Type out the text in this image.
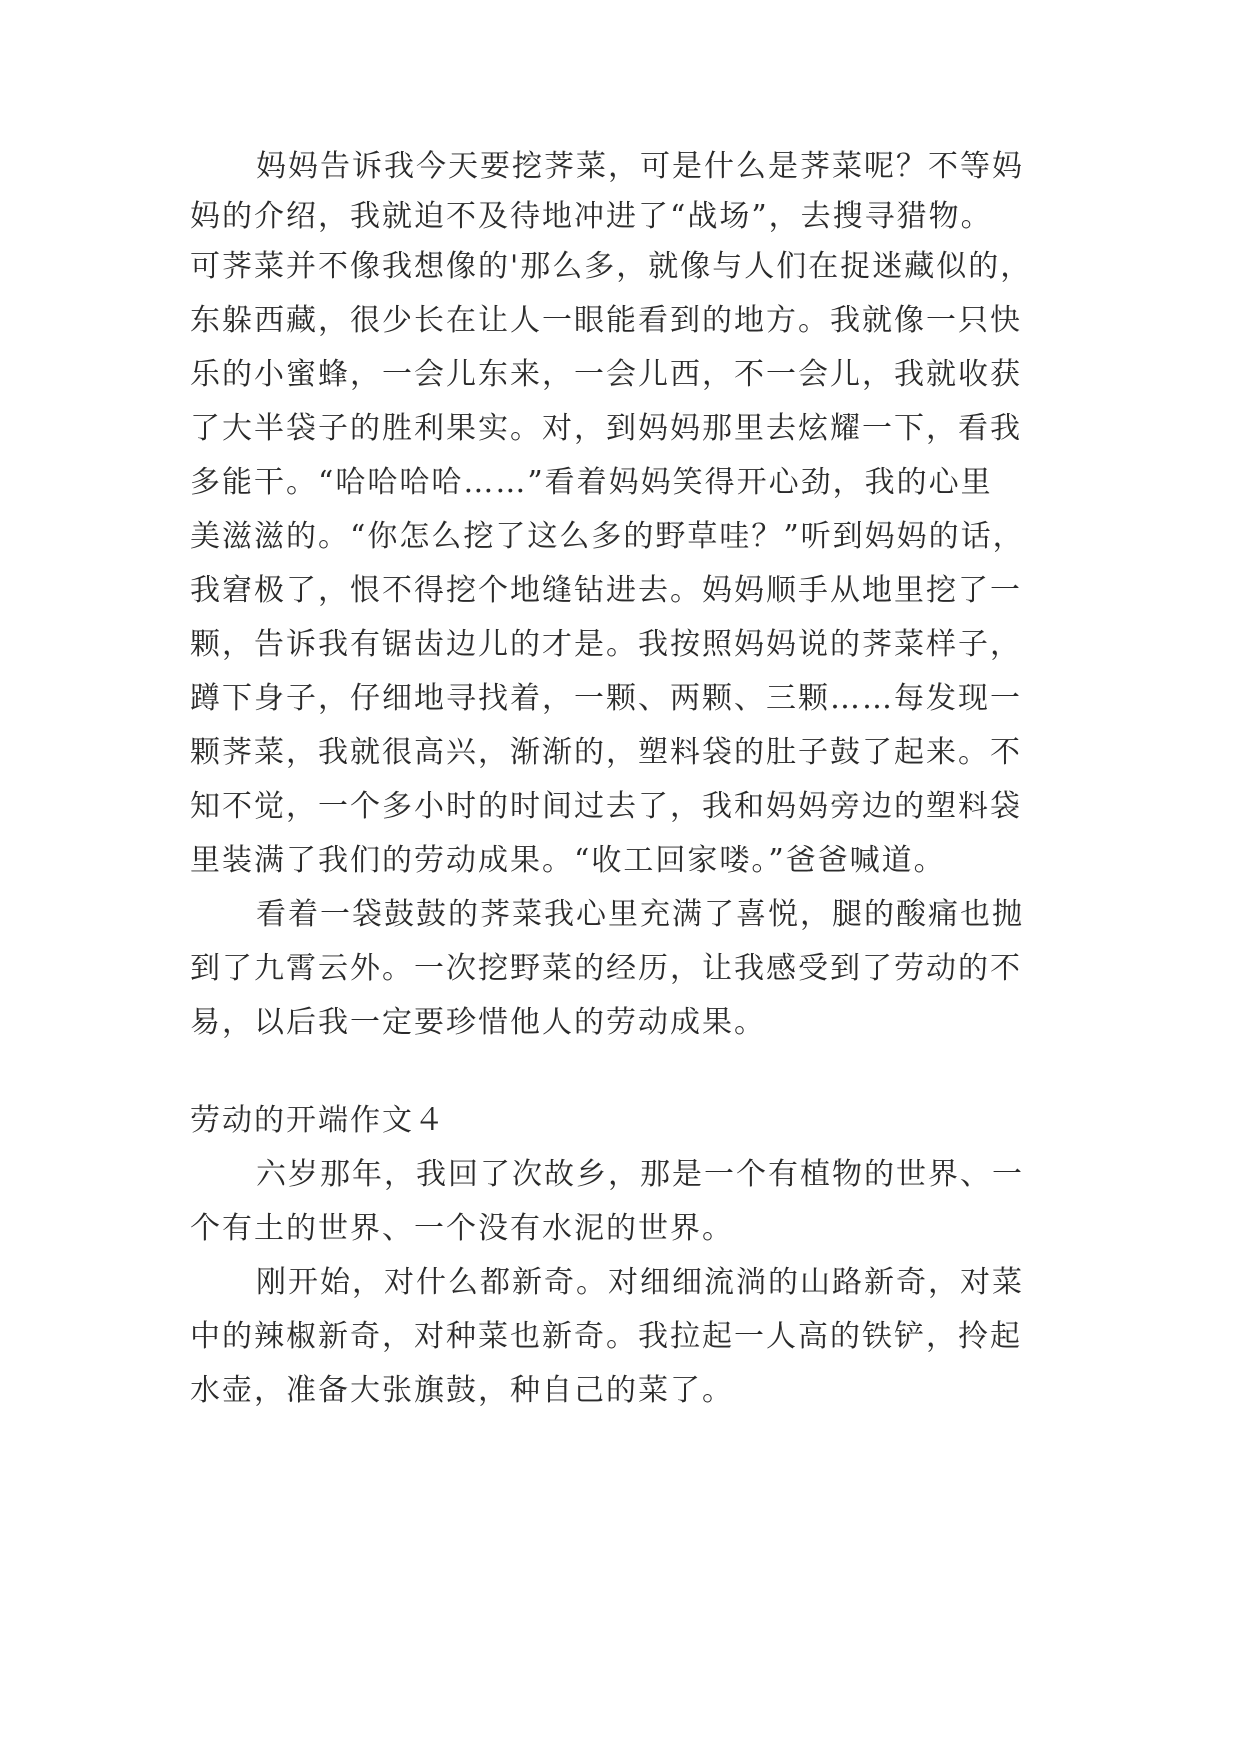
妈妈告诉我今天要挖荠菜，可是什么是荠菜呢？不等妈
妈的介绍，我就迫不及待地冲进了“战场”，去搜寻猎物。
可荠菜并不像我想像的'那么多，就像与人们在捉迷藏似的，
东躲西藏，很少长在让人一眼能看到的地方。我就像一只快
乐的小蜜蜂，一会儿东来，一会儿西，不一会儿，我就收获
了大半袋子的胜利果实。对，到妈妈那里去炫耀一下，看我
多能干。“哈哈哈哈……”看着妈妈笑得开心劲，我的心里
美滋滋的。“你怎么挖了这么多的野草哇？”听到妈妈的话，
我窘极了，恨不得挖个地缝钻进去。妈妈顺手从地里挖了一
颗，告诉我有锯齿边儿的才是。我按照妈妈说的荠菜样子，
蹲下身子，仔细地寻找着，一颗、两颗、三颗……每发现一
颗荠菜，我就很高兴，渐渐的，塑料袋的肚子鼓了起来。不
知不觉，一个多小时的时间过去了，我和妈妈旁边的塑料袋
里装满了我们的劳动成果。“收工回家喽。”爸爸喊道。
看着一袋鼓鼓的荠菜我心里充满了喜悦，腿的酸痛也抛
到了九霄云外。一次挖野菜的经历，让我感受到了劳动的不
易，以后我一定要珍惜他人的劳动成果。
劳动的开端作文４
六岁那年，我回了次故乡，那是一个有植物的世界、一
个有土的世界、一个没有水泥的世界。
刚开始，对什么都新奇。对细细流淌的山路新奇，对菜
中的辣椒新奇，对种菜也新奇。我拉起一人高的铁铲，拎起
水壶，准备大张旗鼓，种自己的菜了。
